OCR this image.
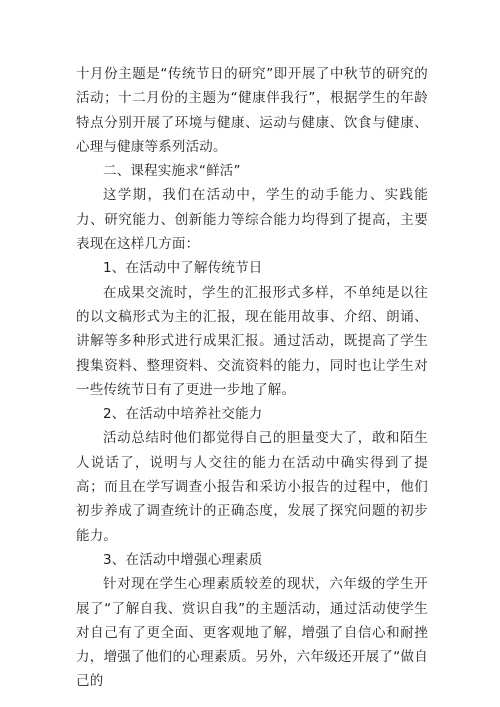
十月份主题是“传统节日的研究”即开展了中秋节的研究的活动；十二月份的主题为“健康伴我行”，根据学生的年龄特点分别开展了环境与健康、运动与健康、饮食与健康、心理与健康等系列活动。

二、课程实施求“鲜活”

这学期，我们在活动中，学生的动手能力、实践能力、研究能力、创新能力等综合能力均得到了提高，主要表现在这样几方面：

1、在活动中了解传统节日

在成果交流时，学生的汇报形式多样，不单纯是以往的以文稿形式为主的汇报，现在能用故事、介绍、朗诵、讲解等多种形式进行成果汇报。通过活动，既提高了学生搜集资料、整理资料、交流资料的能力，同时也让学生对一些传统节日有了更进一步地了解。

2、在活动中培养社交能力

活动总结时他们都觉得自己的胆量变大了，敢和陌生人说话了，说明与人交往的能力在活动中确实得到了提高；而且在学写调查小报告和采访小报告的过程中，他们初步养成了调查统计的正确态度，发展了探究问题的初步能力。

3、在活动中增强心理素质

针对现在学生心理素质较差的现状，六年级的学生开展了“了解自我、赏识自我”的主题活动，通过活动使学生对自己有了更全面、更客观地了解，增强了自信心和耐挫力，增强了他们的心理素质。另外，六年级还开展了“做自己的
